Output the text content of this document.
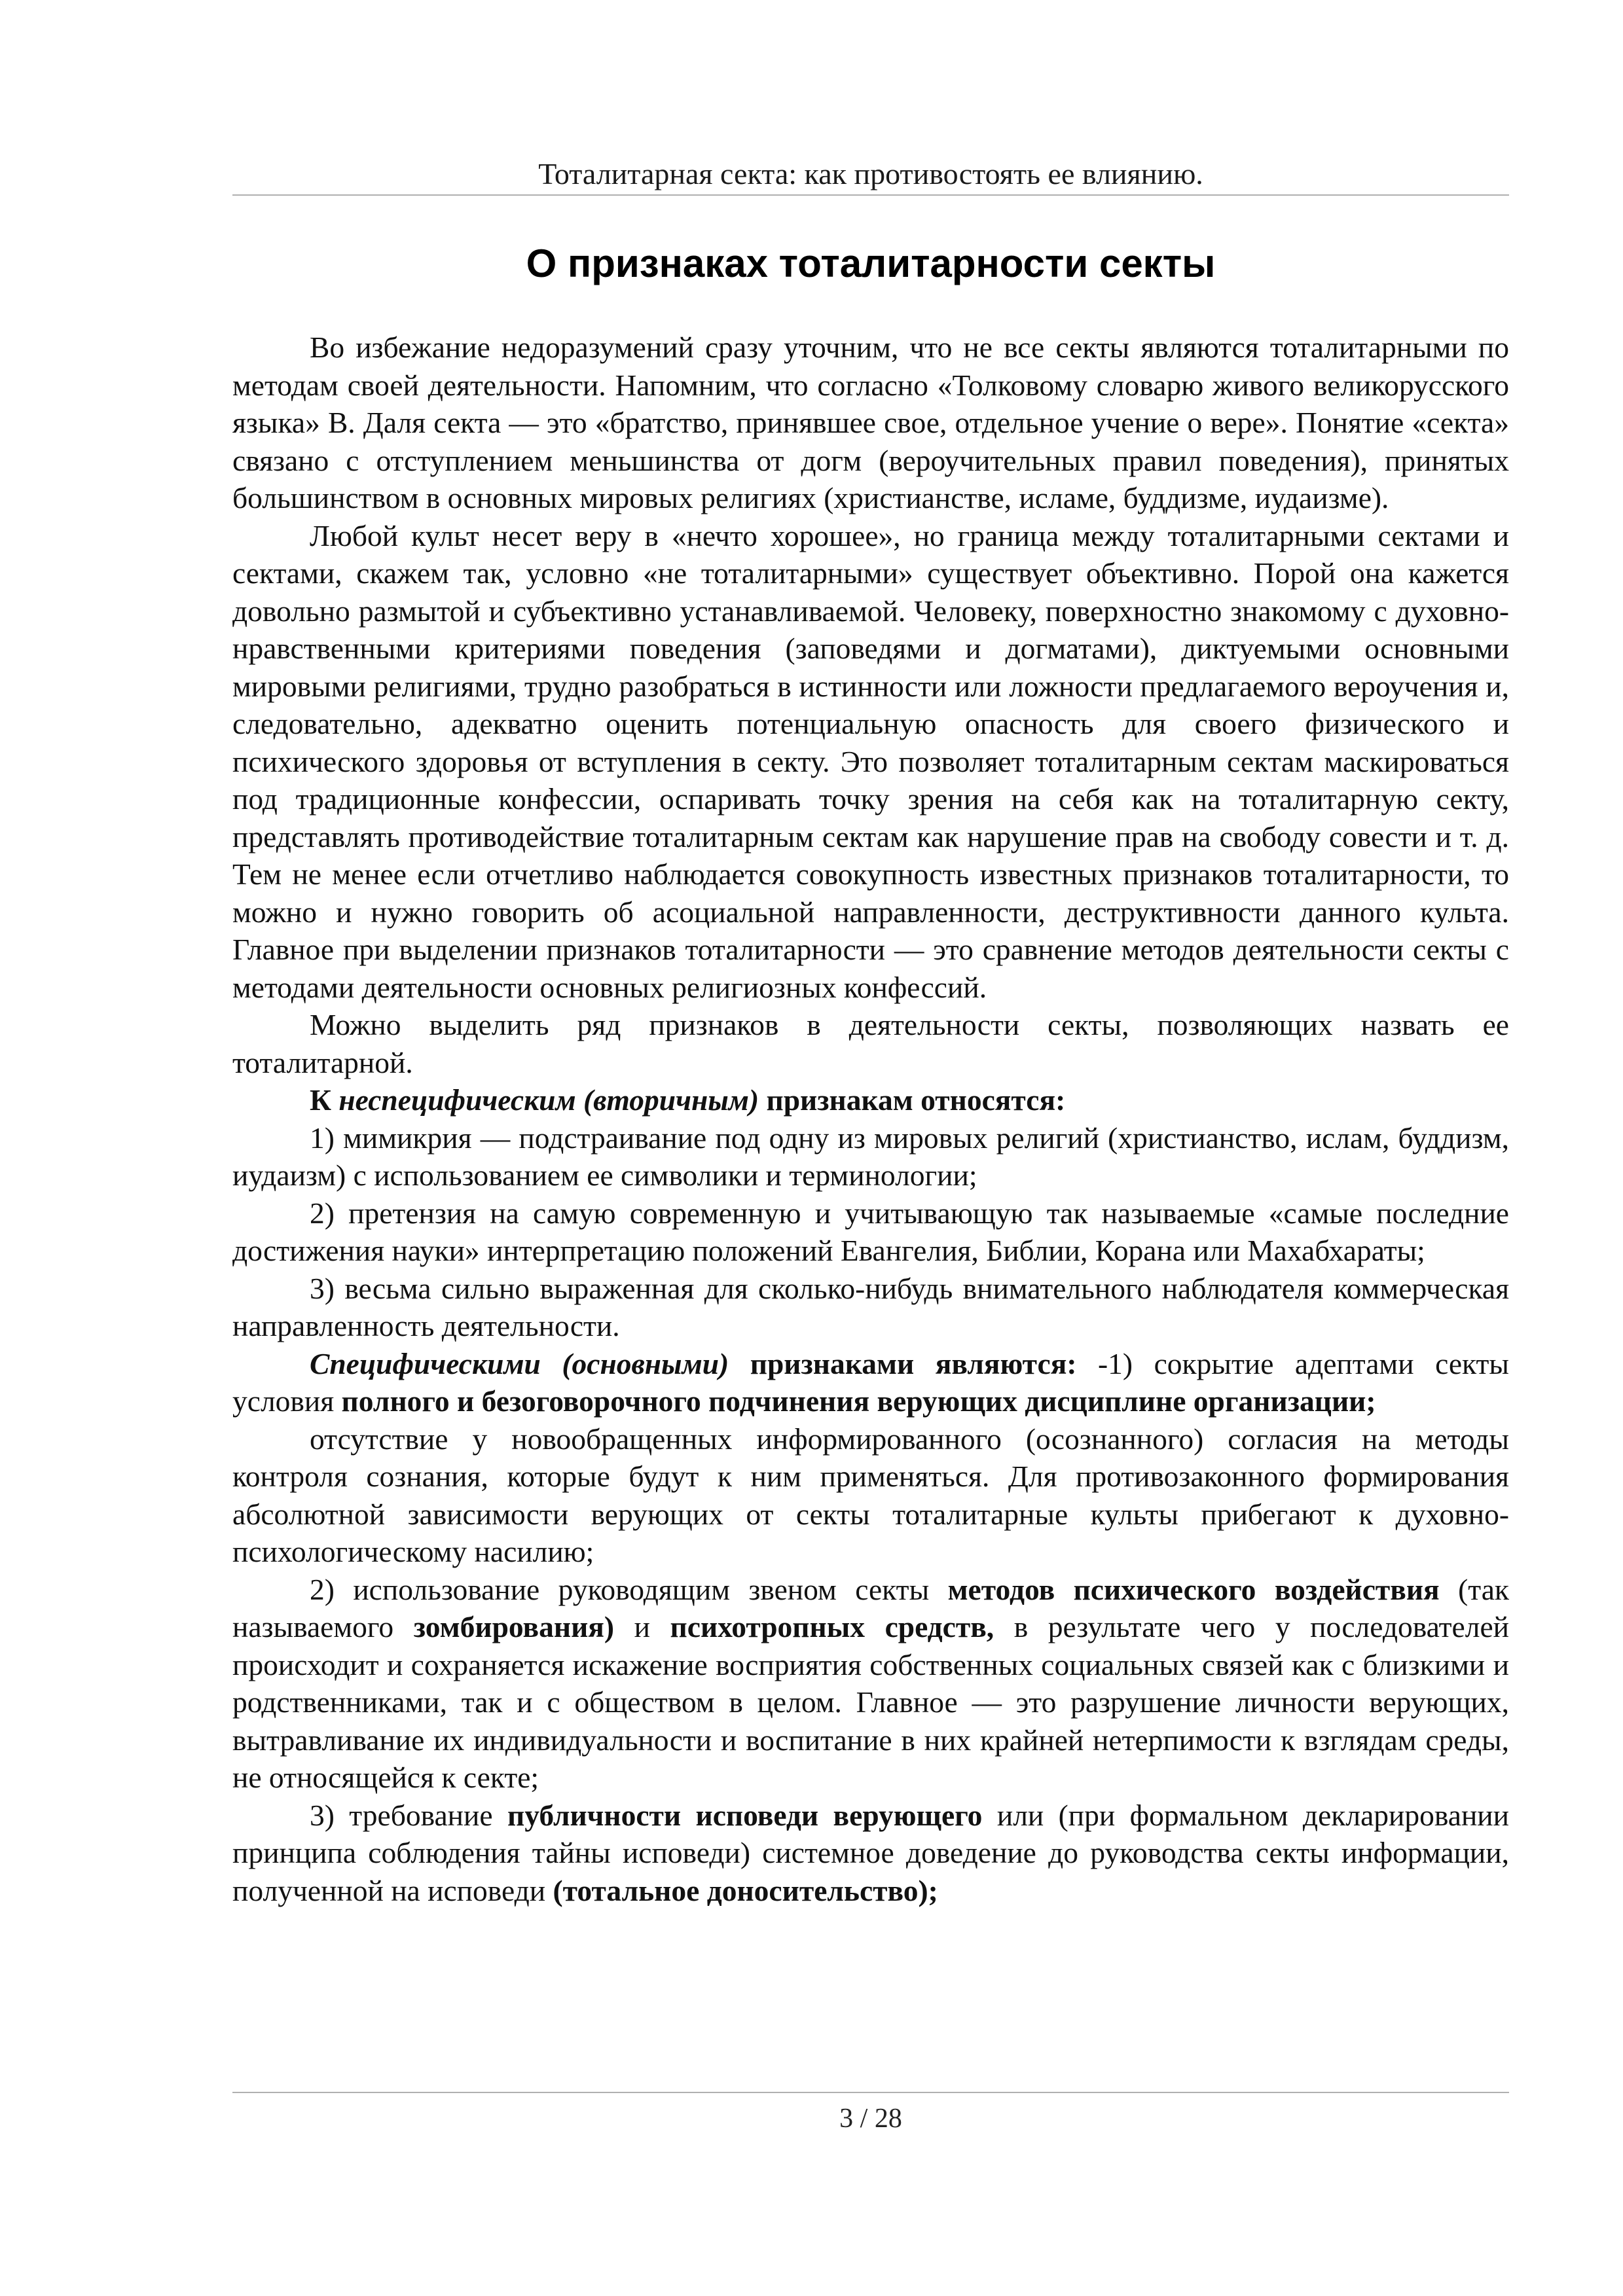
Тоталитарная секта: как противостоять ее влиянию.
О признаках тоталитарности секты

Во избежание недоразумений сразу уточним, что не все секты являются тоталитарными по методам своей деятельности. Напомним, что согласно «Толковому словарю живого великорусского языка» В. Даля секта — это «братство, принявшее свое, отдельное учение о вере». Понятие «секта» связано с отступлением меньшинства от догм (вероучительных правил поведения), принятых большинством в основных мировых религиях (христианстве, исламе, буддизме, иудаизме).

Любой культ несет веру в «нечто хорошее», но граница между тоталитарными сектами и сектами, скажем так, условно «не тоталитарными» существует объективно. Порой она кажется довольно размытой и субъективно устанавливаемой. Человеку, поверхностно знакомому с духовно-нравственными критериями поведения (заповедями и догматами), диктуемыми основными мировыми религиями, трудно разобраться в истинности или ложности предлагаемого вероучения и, следовательно, адекватно оценить потенциальную опасность для своего физического и психического здоровья от вступления в секту. Это позволяет тоталитарным сектам маскироваться под традиционные конфессии, оспаривать точку зрения на себя как на тоталитарную секту, представлять противодействие тоталитарным сектам как нарушение прав на свободу совести и т. д. Тем не менее если отчетливо наблюдается совокупность известных признаков тоталитарности, то можно и нужно говорить об асоциальной направленности, деструктивности данного культа. Главное при выделении признаков тоталитарности — это сравнение методов деятельности секты с методами деятельности основных религиозных конфессий.

Можно выделить ряд признаков в деятельности секты, позволяющих назвать ее тоталитарной.

К неспецифическим (вторичным) признакам относятся:

1) мимикрия — подстраивание под одну из мировых религий (христианство, ислам, буддизм, иудаизм) с использованием ее символики и терминологии;

2) претензия на самую современную и учитывающую так называемые «самые последние достижения науки» интерпретацию положений Евангелия, Библии, Корана или Махабхараты;

3) весьма сильно выраженная для сколько-нибудь внимательного наблюдателя коммерческая направленность деятельности.

Специфическими (основными) признаками являются: -1) сокрытие адептами секты условия полного и безоговорочного подчинения верующих дисциплине организации;

отсутствие у новообращенных информированного (осознанного) согласия на методы контроля сознания, которые будут к ним применяться. Для противозаконного формирования абсолютной зависимости верующих от секты тоталитарные культы прибегают к духовно-психологическому насилию;

2) использование руководящим звеном секты методов психического воздействия (так называемого зомбирования) и психотропных средств, в результате чего у последователей происходит и сохраняется искажение восприятия собственных социальных связей как с близкими и родственниками, так и с обществом в целом. Главное — это разрушение личности верующих, вытравливание их индивидуальности и воспитание в них крайней нетерпимости к взглядам среды, не относящейся к секте;

3) требование публичности исповеди верующего или (при формальном декларировании принципа соблюдения тайны исповеди) системное доведение до руководства секты информации, полученной на исповеди (тотальное доносительство);

3 / 28
